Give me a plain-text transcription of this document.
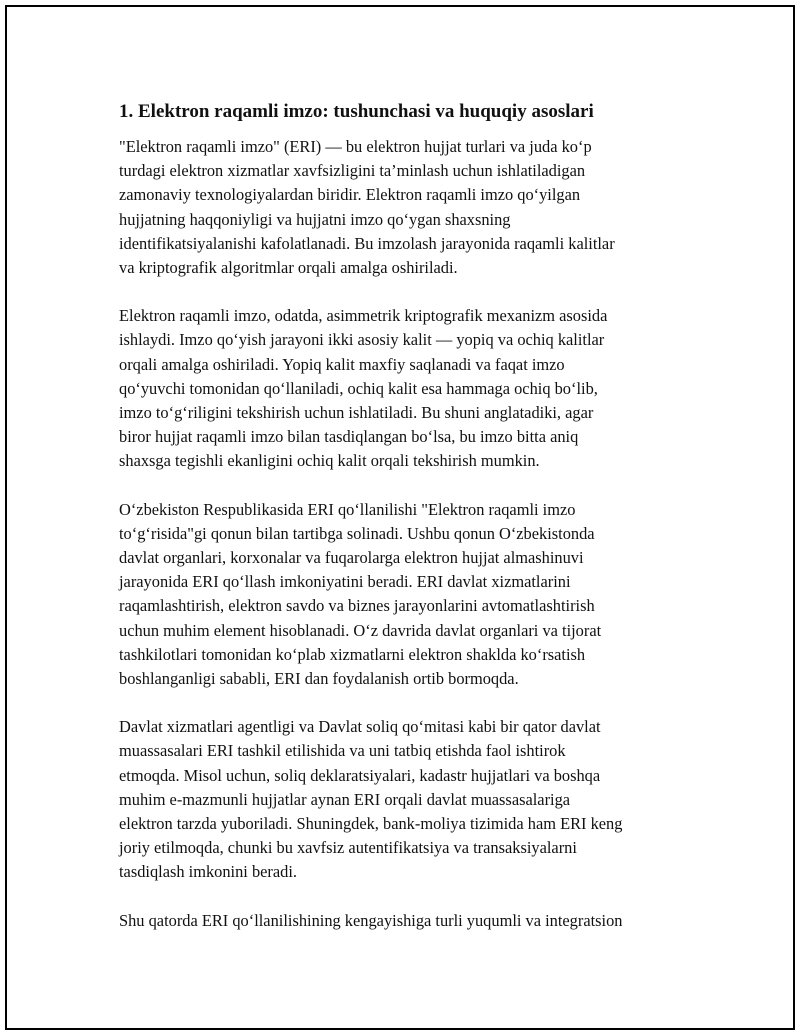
1. Elektron raqamli imzo: tushunchasi va huquqiy asoslari
"Elektron raqamli imzo" (ERI) — bu elektron hujjat turlari va juda ko‘p
turdagi elektron xizmatlar xavfsizligini ta’minlash uchun ishlatiladigan
zamonaviy texnologiyalardan biridir. Elektron raqamli imzo qo‘yilgan
hujjatning haqqoniyligi va hujjatni imzo qo‘ygan shaxsning
identifikatsiyalanishi kafolatlanadi. Bu imzolash jarayonida raqamli kalitlar
va kriptografik algoritmlar orqali amalga oshiriladi.
Elektron raqamli imzo, odatda, asimmetrik kriptografik mexanizm asosida
ishlaydi. Imzo qo‘yish jarayoni ikki asosiy kalit — yopiq va ochiq kalitlar
orqali amalga oshiriladi. Yopiq kalit maxfiy saqlanadi va faqat imzo
qo‘yuvchi tomonidan qo‘llaniladi, ochiq kalit esa hammaga ochiq bo‘lib,
imzo to‘g‘riligini tekshirish uchun ishlatiladi. Bu shuni anglatadiki, agar
biror hujjat raqamli imzo bilan tasdiqlangan bo‘lsa, bu imzo bitta aniq
shaxsga tegishli ekanligini ochiq kalit orqali tekshirish mumkin.
O‘zbekiston Respublikasida ERI qo‘llanilishi "Elektron raqamli imzo
to‘g‘risida"gi qonun bilan tartibga solinadi. Ushbu qonun O‘zbekistonda
davlat organlari, korxonalar va fuqarolarga elektron hujjat almashinuvi
jarayonida ERI qo‘llash imkoniyatini beradi. ERI davlat xizmatlarini
raqamlashtirish, elektron savdo va biznes jarayonlarini avtomatlashtirish
uchun muhim element hisoblanadi. O‘z davrida davlat organlari va tijorat
tashkilotlari tomonidan ko‘plab xizmatlarni elektron shaklda ko‘rsatish
boshlanganligi sababli, ERI dan foydalanish ortib bormoqda.
Davlat xizmatlari agentligi va Davlat soliq qo‘mitasi kabi bir qator davlat
muassasalari ERI tashkil etilishida va uni tatbiq etishda faol ishtirok
etmoqda. Misol uchun, soliq deklaratsiyalari, kadastr hujjatlari va boshqa
muhim e-mazmunli hujjatlar aynan ERI orqali davlat muassasalariga
elektron tarzda yuboriladi. Shuningdek, bank-moliya tizimida ham ERI keng
joriy etilmoqda, chunki bu xavfsiz autentifikatsiya va transaksiyalarni
tasdiqlash imkonini beradi.
Shu qatorda ERI qo‘llanilishining kengayishiga turli yuqumli va integratsion
